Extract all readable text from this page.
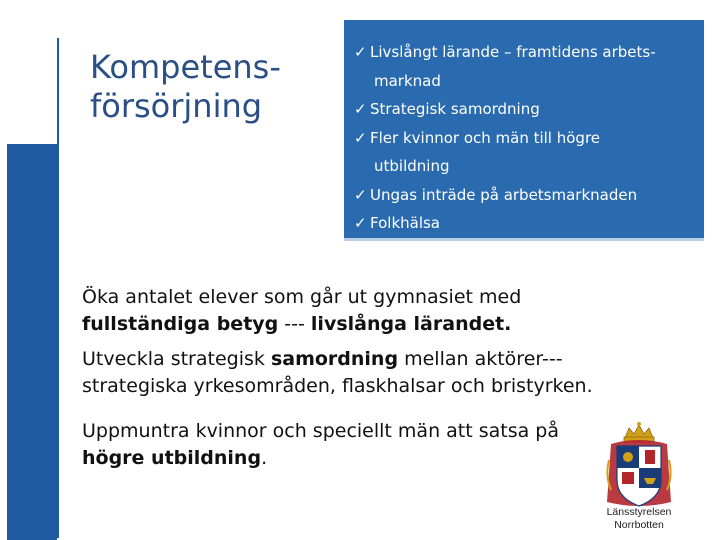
Kompetens-
försörjning
✓ Livslångt lärande – framtidens arbets-
marknad
✓ Strategisk samordning
✓ Fler kvinnor och män till högre
utbildning
✓ Ungas inträde på arbetsmarknaden
✓ Folkhälsa

Öka antalet elever som går ut gymnasiet med fullständiga betyg --- livslånga lärandet.

Utveckla strategisk samordning mellan aktörer--- strategiska yrkesområden, flaskhalsar och bristyrken.

Uppmuntra kvinnor och speciellt män att satsa på högre utbildning.

Länsstyrelsen
Norrbotten
